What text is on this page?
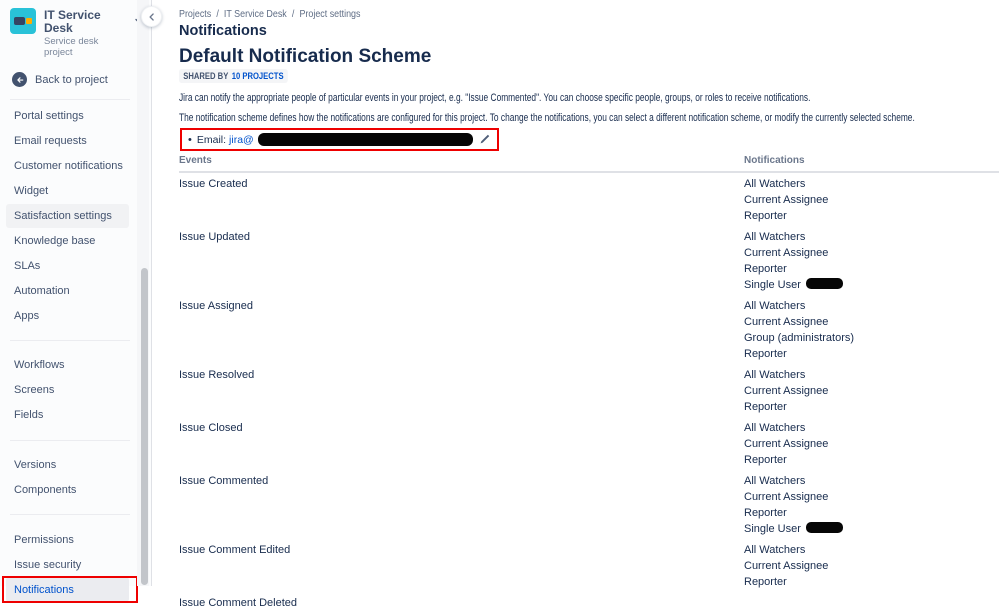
IT Service Desk
Service desk project
Back to project
Portal settings
Email requests
Customer notifications
Widget
Satisfaction settings
Knowledge base
SLAs
Automation
Apps
Workflows
Screens
Fields
Versions
Components
Permissions
Issue security
Notifications
Projects / IT Service Desk / Project settings
Notifications
Default Notification Scheme
SHARED BY 10 PROJECTS

Jira can notify the appropriate people of particular events in your project, e.g. "Issue Commented". You can choose specific people, groups, or roles to receive notifications.

The notification scheme defines how the notifications are configured for this project. To change the notifications, you can select a different notification scheme, or modify the currently selected scheme.

• Email: jira@
Events	Notifications
Issue Created	All Watchers
Current Assignee
Reporter
Issue Updated	All Watchers
Current Assignee
Reporter
Single User
Issue Assigned	All Watchers
Current Assignee
Group (administrators)
Reporter
Issue Resolved	All Watchers
Current Assignee
Reporter
Issue Closed	All Watchers
Current Assignee
Reporter
Issue Commented	All Watchers
Current Assignee
Reporter
Single User
Issue Comment Edited	All Watchers
Current Assignee
Reporter
Issue Comment Deleted
